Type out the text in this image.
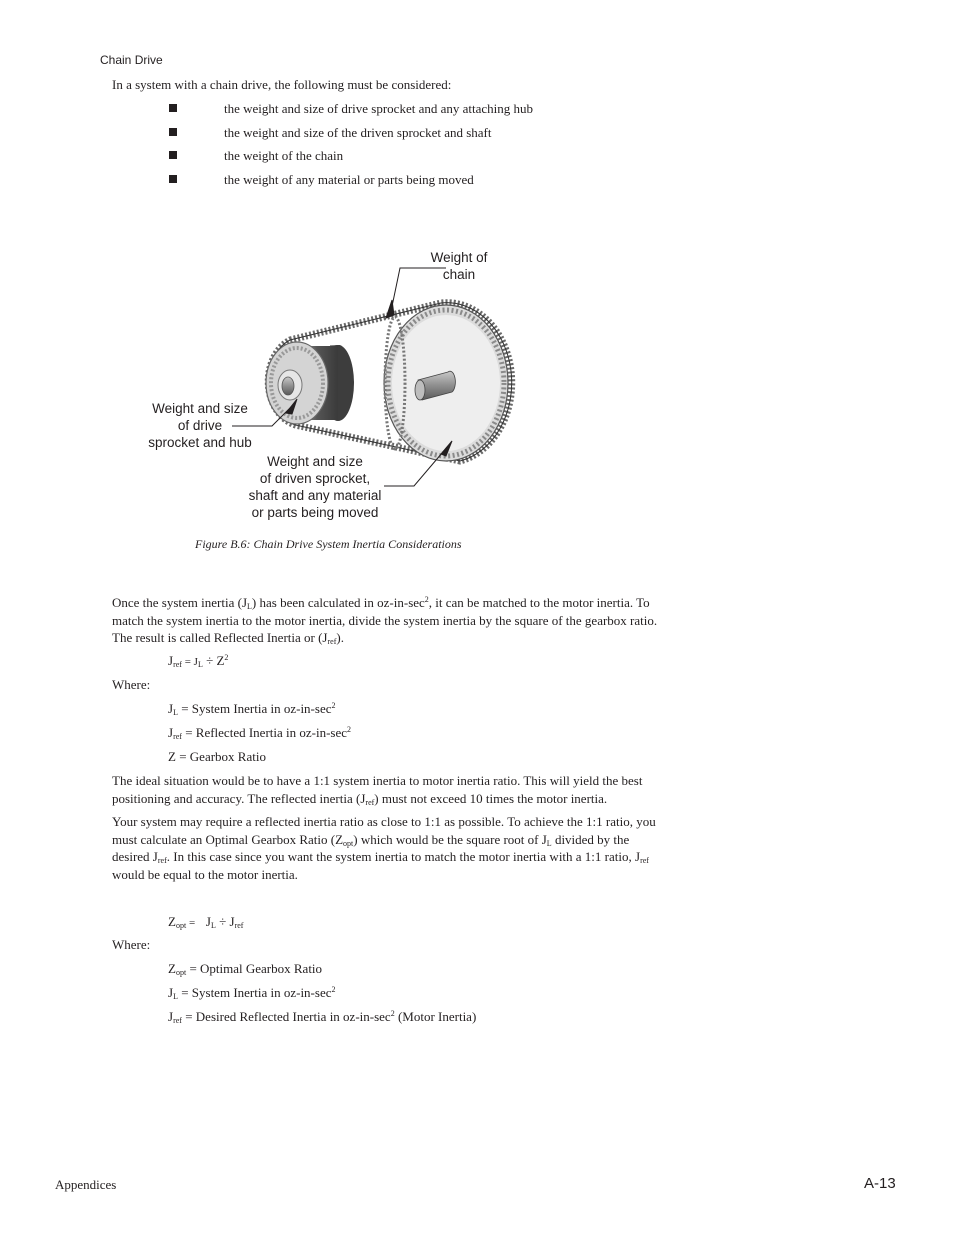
Chain Drive
In a system with a chain drive, the following must be considered:
the weight and size of drive sprocket and any attaching hub
the weight and size of the driven sprocket and shaft
the weight of the chain
the weight of any material or parts being moved
Weight of
chain
Weight and size
of drive
sprocket and hub
Weight and size
of driven sprocket,
shaft and any material
or parts being moved
Figure B.6: Chain Drive System Inertia Considerations
Once the system inertia $(J_L)$ has been calculated in $oz-in-\sec^2$, it can be matched to the motor inertia. To
match the system inertia to the motor inertia, divide the system inertia by the square of the gearbox ratio.
The result is called Reflected Inertia or $(J_{ref})$.
$J_{ref} = J_L \div Z^2$
Where:
$J_L$ = System Inertia in $oz-in-\sec^2$
$J_{ref}$ = Reflected Inertia in $oz-in-\sec^2$
Z = Gearbox Ratio
The ideal situation would be to have a 1:1 system inertia to motor inertia ratio. This will yield the best
positioning and accuracy. The reflected inertia $(J_{ref})$ must not exceed 10 times the motor inertia.
Your system may require a reflected inertia ratio as close to 1:1 as possible. To achieve the 1:1 ratio, you
must calculate an Optimal Gearbox Ratio $(Z_{opt})$ which would be the square root of $J_L$ divided by the
desired $J_{ref}$. In this case since you want the system inertia to match the motor inertia with a 1:1 ratio, $J_{ref}$
would be equal to the motor inertia.
$Z_{opt} = J_L \div J_{ref}$
Where:
$Z_{opt}$ = Optimal Gearbox Ratio
$J_L$ = System Inertia in $oz-in-\sec^2$
$J_{ref}$ = Desired Reflected Inertia in $oz-in-\sec^2$ (Motor Inertia)
Appendices	A-13
